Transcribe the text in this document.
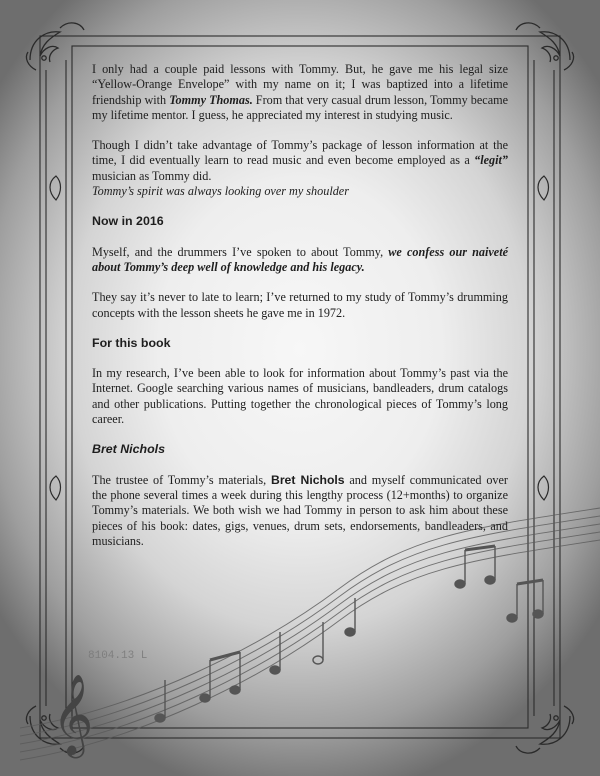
𝄞
8104.13 L

I only had a couple paid lessons with Tommy. But, he gave me his legal size “Yellow-Orange Envelope” with my name on it; I was baptized into a lifetime friendship with Tommy Thomas. From that very casual drum lesson, Tommy became my lifetime mentor. I guess, he appreciated my interest in studying music.

Though I didn’t take advantage of Tommy’s package of lesson information at the time, I did eventually learn to read music and even become employed as a “legit” musician as Tommy did.

Tommy’s spirit was always looking over my shoulder

Now in 2016

Myself, and the drummers I’ve spoken to about Tommy, we confess our naiveté about Tommy’s deep well of knowledge and his legacy.

They say it’s never to late to learn; I’ve returned to my study of Tommy’s drumming concepts with the lesson sheets he gave me in 1972.

For this book

In my research, I’ve been able to look for information about Tommy’s past via the Internet. Google searching various names of musicians, bandleaders, drum catalogs and other publications. Putting together the chronological pieces of Tommy’s long career.

Bret Nichols

The trustee of Tommy’s materials, Bret Nichols and myself communicated over the phone several times a week during this lengthy process (12+months) to organize Tommy’s materials. We both wish we had Tommy in person to ask him about these pieces of his book: dates, gigs, venues, drum sets, endorsements, bandleaders, and musicians.
